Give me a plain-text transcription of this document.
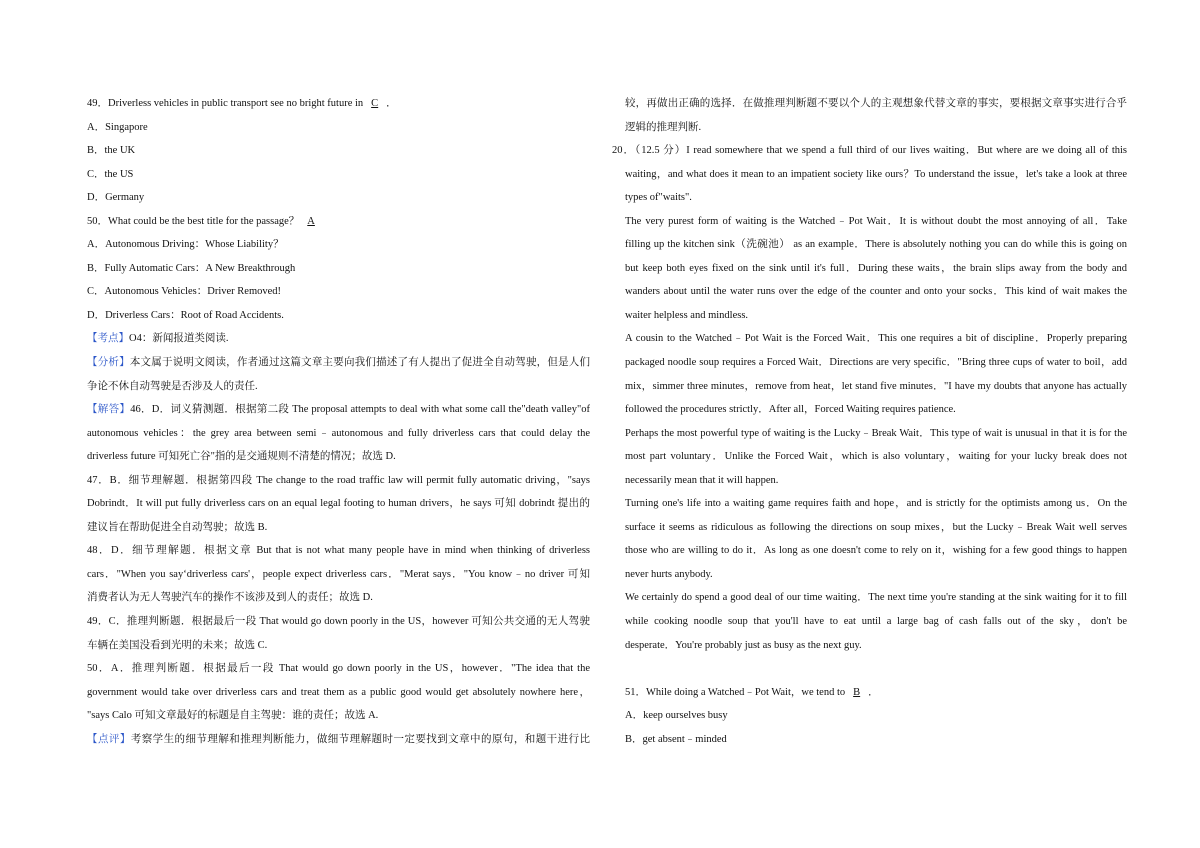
49．Driverless vehicles in public transport see no bright future in C ．

A．Singapore

B．the UK

C．the US

D．Germany

50．What could be the best title for the passage？ A

A．Autonomous Driving：Whose Liability？

B．Fully Automatic Cars：A New Breakthrough

C．Autonomous Vehicles：Driver Removed!

D．Driverless Cars：Root of Road Accidents.

【考点】O4：新闻报道类阅读.

【分析】本文属于说明文阅读，作者通过这篇文章主要向我们描述了有人提出了促进全自动驾驶，但是人们

争论不休自动驾驶是否涉及人的责任.

【解答】46．D．词义猜测题．根据第二段 The proposal attempts to deal with what some call the"death valley"of

autonomous vehicles：the grey area between semi﹣autonomous and fully driverless cars that could delay the

driverless future 可知死亡谷"指的是交通规则不清楚的情况；故选 D.

47．B．细节理解题．根据第四段 The change to the road traffic law will permit fully automatic driving，"says

Dobrindt．It will put fully driverless cars on an equal legal footing to human drivers，he says 可知 dobrindt 提出的

建议旨在帮助促进全自动驾驶；故选 B.

48．D．细节理解题．根据文章 But that is not what many people have in mind when thinking of driverless

cars．"When you say‘driverless cars'，people expect driverless cars．"Merat says．"You know﹣no driver 可知

消费者认为无人驾驶汽车的操作不该涉及到人的责任；故选 D.

49．C．推理判断题．根据最后一段 That would go down poorly in the US，however 可知公共交通的无人驾驶

车辆在美国没看到光明的未来；故选 C.

50．A．推理判断题．根据最后一段 That would go down poorly in the US，however．"The idea that the

government would take over driverless cars and treat them as a public good would get absolutely nowhere here，

"says Calo 可知文章最好的标题是自主驾驶：谁的责任；故选 A.

【点评】考察学生的细节理解和推理判断能力，做细节理解题时一定要找到文章中的原句，和题干进行比

较，再做出正确的选择．在做推理判断题不要以个人的主观想象代替文章的事实，要根据文章事实进行合乎

逻辑的推理判断.

20．（12.5 分）I read somewhere that we spend a full third of our lives waiting．But where are we doing all of this

waiting，and what does it mean to an impatient society like ours？To understand the issue，let's take a look at three

types of"waits".

The very purest form of waiting is the Watched﹣Pot Wait．It is without doubt the most annoying of all．Take

filling up the kitchen sink（洗碗池） as an example．There is absolutely nothing you can do while this is going on

but keep both eyes fixed on the sink until it's full．During these waits，the brain slips away from the body and

wanders about until the water runs over the edge of the counter and onto your socks．This kind of wait makes the

waiter helpless and mindless.

A cousin to the Watched﹣Pot Wait is the Forced Wait．This one requires a bit of discipline．Properly preparing

packaged noodle soup requires a Forced Wait．Directions are very specific．"Bring three cups of water to boil，add

mix，simmer three minutes，remove from heat，let stand five minutes．"I have my doubts that anyone has actually

followed the procedures strictly．After all，Forced Waiting requires patience.

Perhaps the most powerful type of waiting is the Lucky﹣Break Wait．This type of wait is unusual in that it is for the

most part voluntary．Unlike the Forced Wait，which is also voluntary，waiting for your lucky break does not

necessarily mean that it will happen.

Turning one's life into a waiting game requires faith and hope，and is strictly for the optimists among us．On the

surface it seems as ridiculous as following the directions on soup mixes，but the Lucky﹣Break Wait well serves

those who are willing to do it．As long as one doesn't come to rely on it，wishing for a few good things to happen

never hurts anybody.

We certainly do spend a good deal of our time waiting．The next time you're standing at the sink waiting for it to fill

while cooking noodle soup that you'll have to eat until a large bag of cash falls out of the sky，don't be

desperate．You're probably just as busy as the next guy.

51．While doing a Watched﹣Pot Wait，we tend to B ．

A．keep ourselves busy

B．get absent﹣minded
